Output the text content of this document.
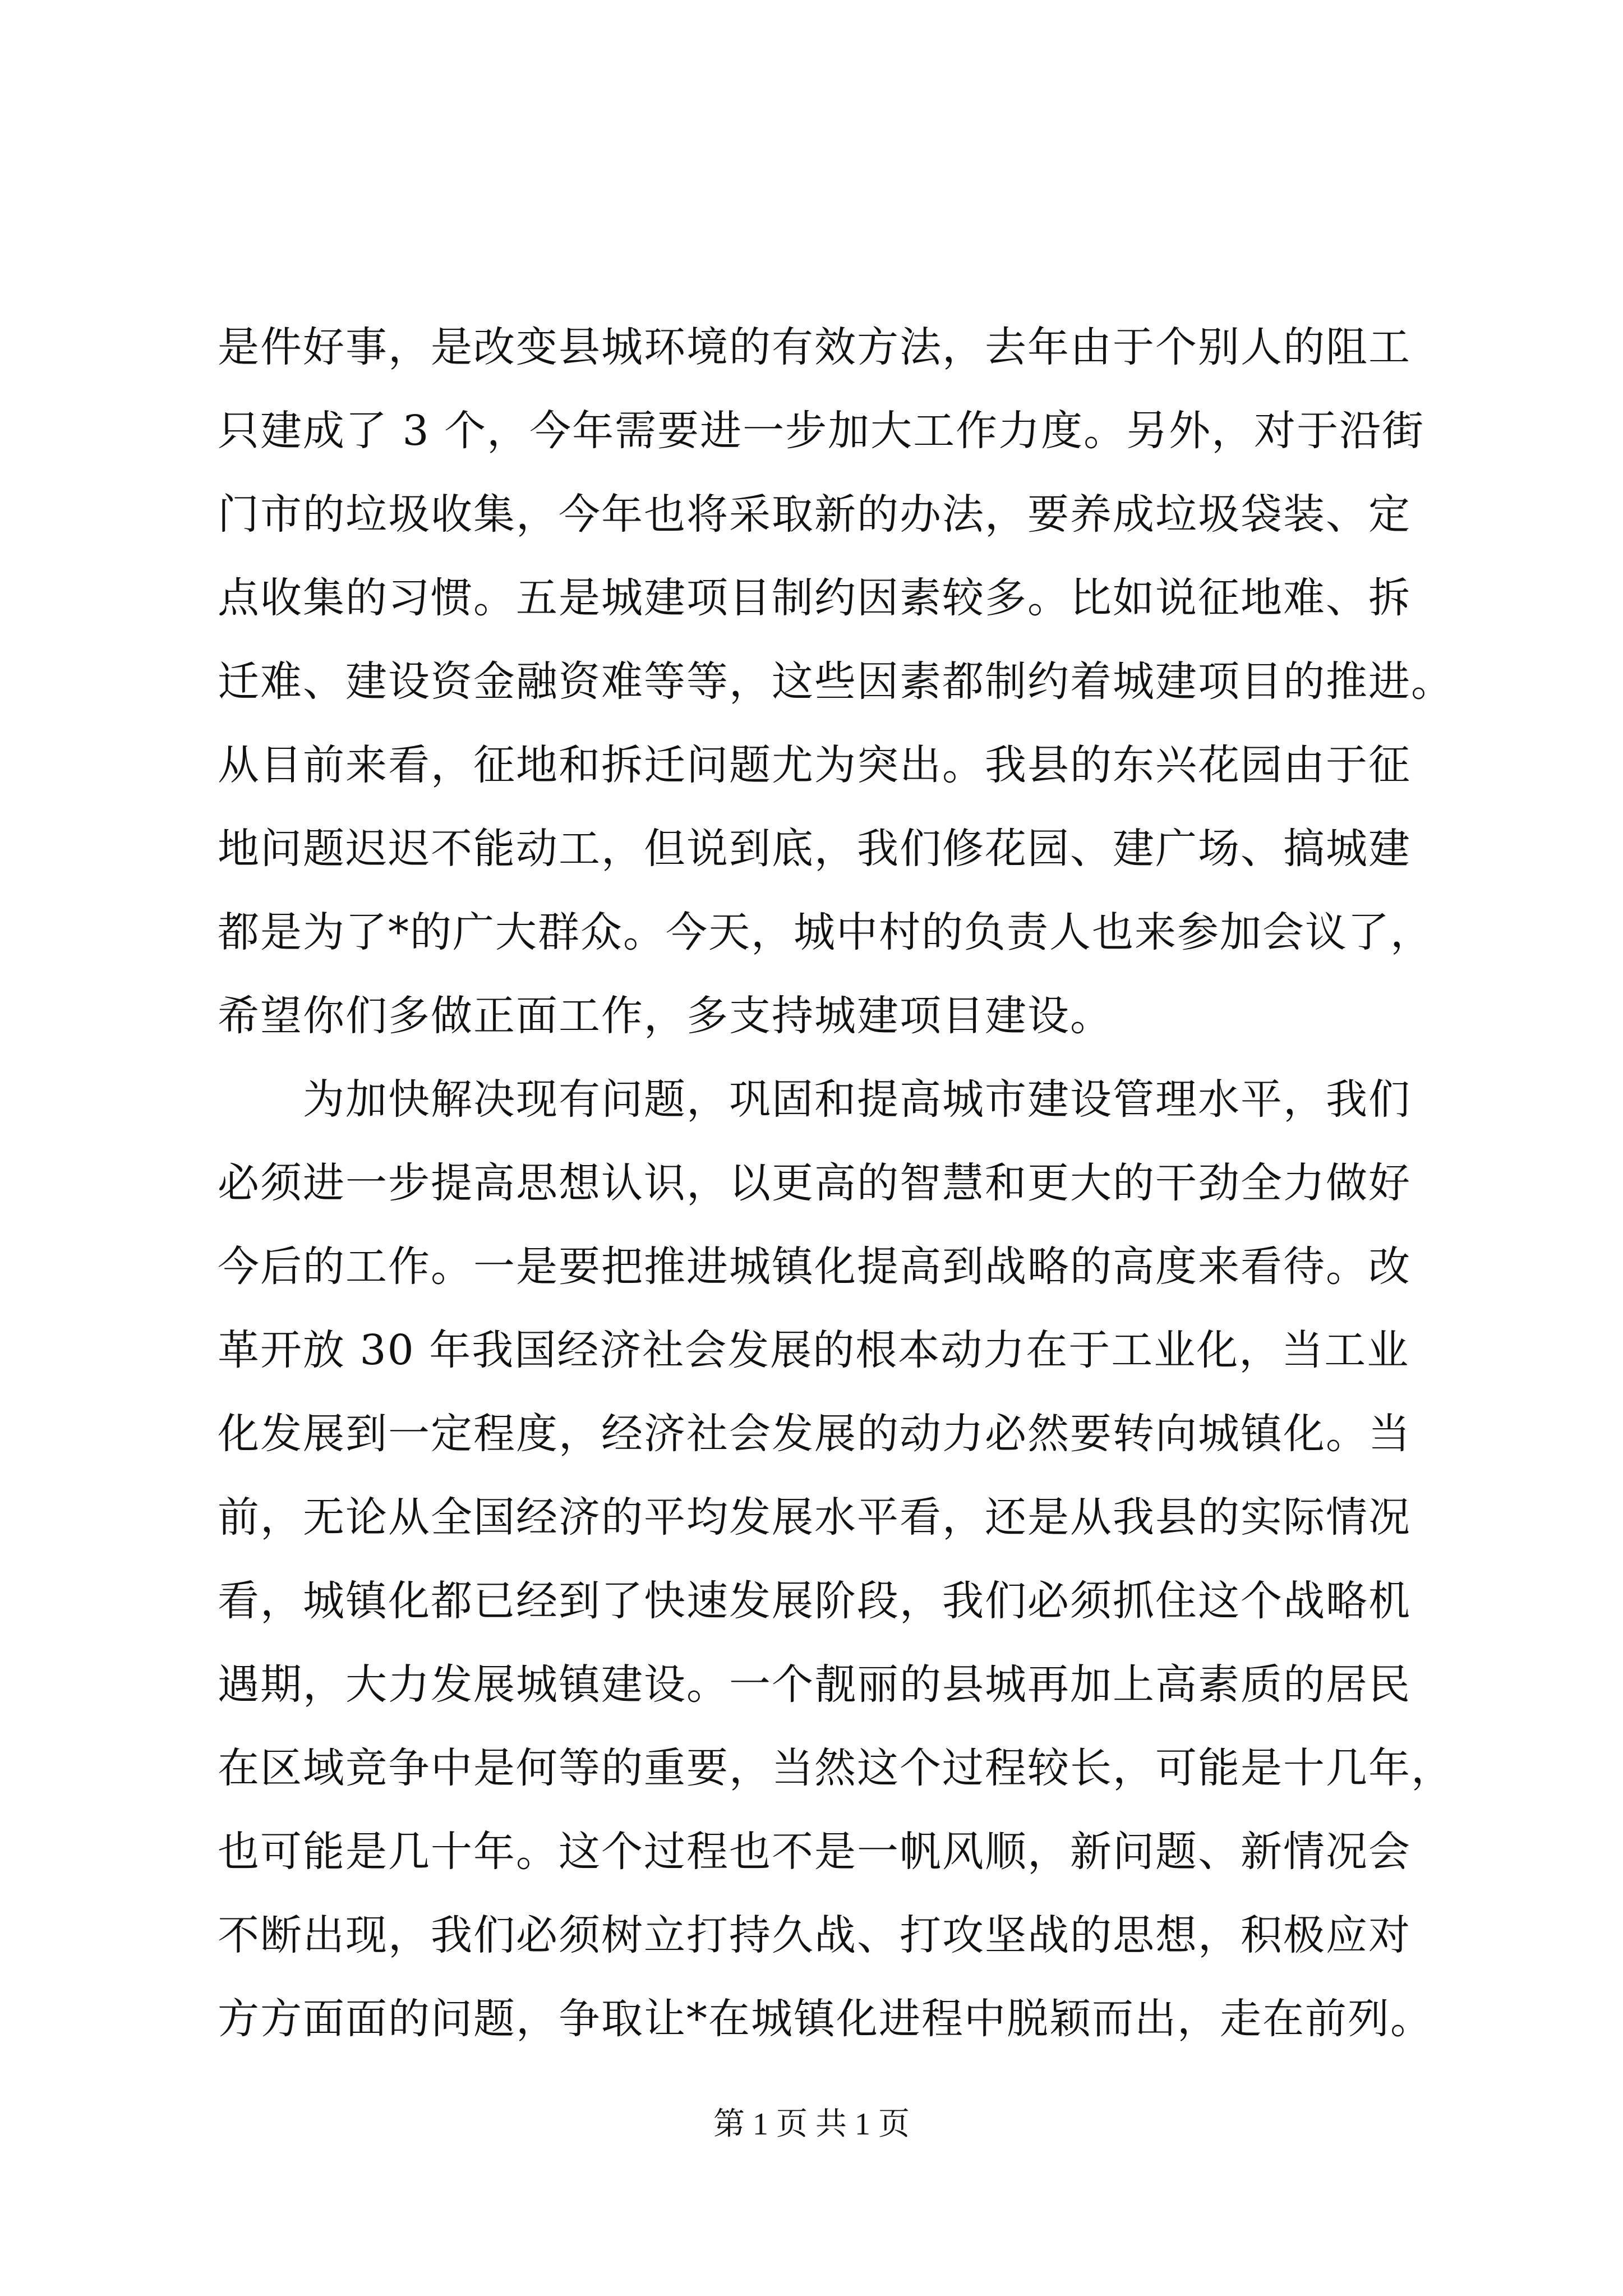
是件好事，是改变县城环境的有效方法，去年由于个别人的阻工
只建成了 3 个，今年需要进一步加大工作力度。另外，对于沿街
门市的垃圾收集，今年也将采取新的办法，要养成垃圾袋装、定
点收集的习惯。五是城建项目制约因素较多。比如说征地难、拆
迁难、建设资金融资难等等，这些因素都制约着城建项目的推进。
从目前来看，征地和拆迁问题尤为突出。我县的东兴花园由于征
地问题迟迟不能动工，但说到底，我们修花园、建广场、搞城建
都是为了*的广大群众。今天，城中村的负责人也来参加会议了，
希望你们多做正面工作，多支持城建项目建设。
为加快解决现有问题，巩固和提高城市建设管理水平，我们
必须进一步提高思想认识，以更高的智慧和更大的干劲全力做好
今后的工作。一是要把推进城镇化提高到战略的高度来看待。改
革开放 30 年我国经济社会发展的根本动力在于工业化，当工业
化发展到一定程度，经济社会发展的动力必然要转向城镇化。当
前，无论从全国经济的平均发展水平看，还是从我县的实际情况
看，城镇化都已经到了快速发展阶段，我们必须抓住这个战略机
遇期，大力发展城镇建设。一个靓丽的县城再加上高素质的居民
在区域竞争中是何等的重要，当然这个过程较长，可能是十几年，
也可能是几十年。这个过程也不是一帆风顺，新问题、新情况会
不断出现，我们必须树立打持久战、打攻坚战的思想，积极应对
方方面面的问题，争取让*在城镇化进程中脱颖而出，走在前列。
第 1 页 共 1 页
